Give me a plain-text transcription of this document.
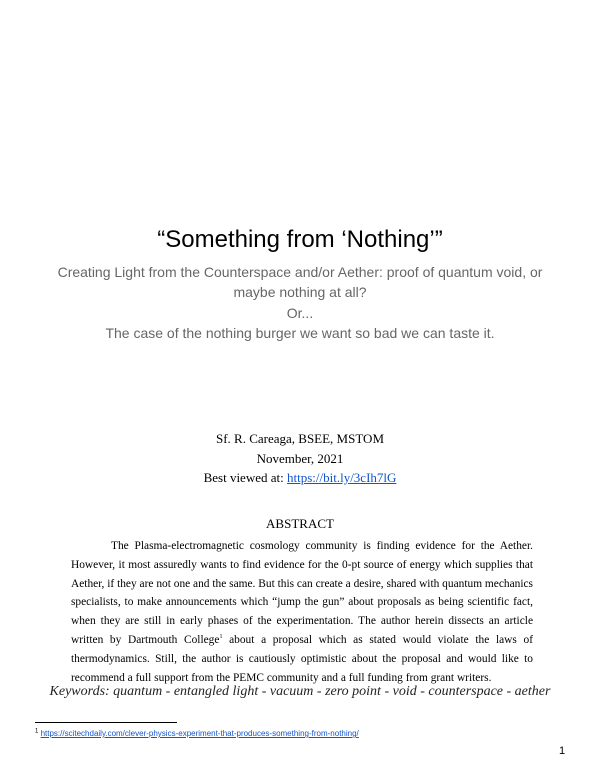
“Something from ‘Nothing’”
Creating Light from the Counterspace and/or Aether: proof of quantum void, or maybe nothing at all?
Or...
The case of the nothing burger we want so bad we can taste it.
Sf. R. Careaga, BSEE, MSTOM
November, 2021
Best viewed at: https://bit.ly/3cIh7lG
ABSTRACT
The Plasma-electromagnetic cosmology community is finding evidence for the Aether. However, it most assuredly wants to find evidence for the 0-pt source of energy which supplies that Aether, if they are not one and the same. But this can create a desire, shared with quantum mechanics specialists, to make announcements which “jump the gun” about proposals as being scientific fact, when they are still in early phases of the experimentation. The author herein dissects an article written by Dartmouth College$^1$ about a proposal which as stated would violate the laws of thermodynamics. Still, the author is cautiously optimistic about the proposal and would like to recommend a full support from the PEMC community and a full funding from grant writers.
Keywords: quantum - entangled light - vacuum - zero point - void - counterspace - aether
$^1$ https://scitechdaily.com/clever-physics-experiment-that-produces-something-from-nothing/
1
